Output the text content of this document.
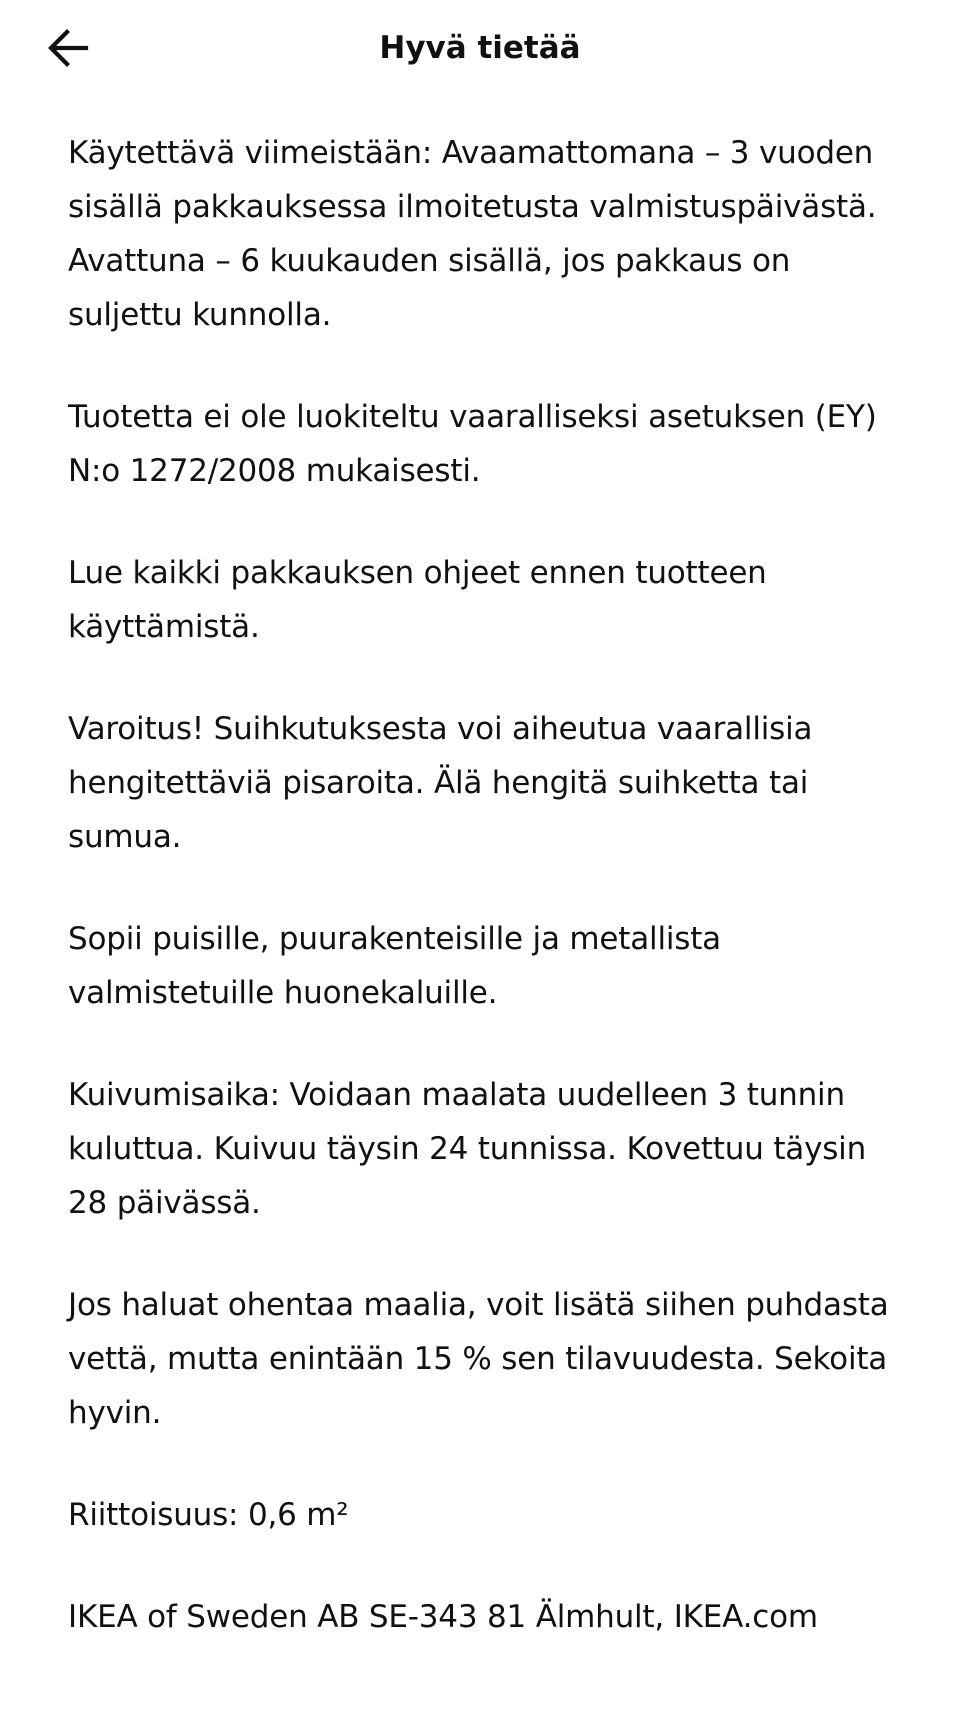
Hyvä tietää

Käytettävä viimeistään: Avaamattomana – 3 vuoden sisällä pakkauksessa ilmoitetusta valmistuspäivästä. Avattuna – 6 kuukauden sisällä, jos pakkaus on suljettu kunnolla.

Tuotetta ei ole luokiteltu vaaralliseksi asetuksen (EY) N:o 1272/2008 mukaisesti.

Lue kaikki pakkauksen ohjeet ennen tuotteen käyttämistä.

Varoitus! Suihkutuksesta voi aiheutua vaarallisia hengitettäviä pisaroita. Älä hengitä suihketta tai sumua.

Sopii puisille, puurakenteisille ja metallista valmistetuille huonekaluille.

Kuivumisaika: Voidaan maalata uudelleen 3 tunnin kuluttua. Kuivuu täysin 24 tunnissa. Kovettuu täysin 28 päivässä.

Jos haluat ohentaa maalia, voit lisätä siihen puhdasta vettä, mutta enintään 15 % sen tilavuudesta. Sekoita hyvin.

Riittoisuus: 0,6 m²

IKEA of Sweden AB SE-343 81 Älmhult, IKEA.com
